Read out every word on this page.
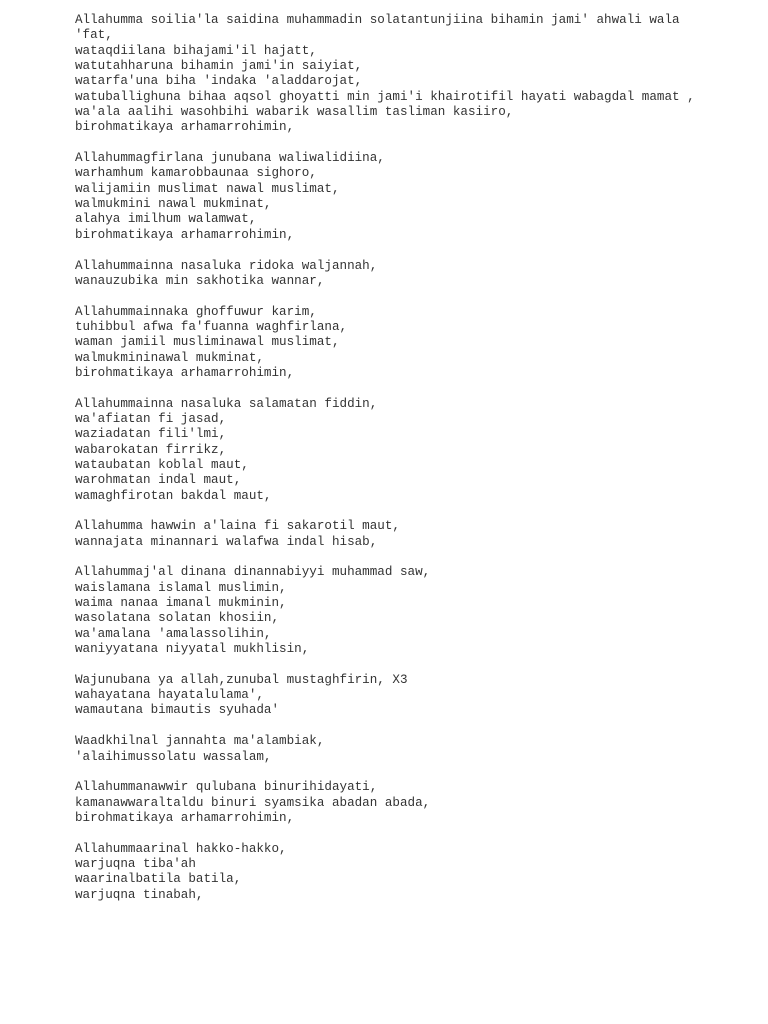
Allahumma soilia'la saidina muhammadin solatantunjiina bihamin jami' ahwali wala 'fat,
wataqdiilana bihajami'il hajatt,
watutahharuna bihamin jami'in saiyiat,
watarfa'una biha 'indaka 'aladdarojat,
watuballighuna bihaa aqsol ghoyatti min jami'i khairotifil hayati wabagdal mamat ,
wa'ala aalihi wasohbihi wabarik wasallim tasliman kasiiro,
birohmatikaya arhamarrohimin,
Allahummagfirlana junubana waliwalidiina,
warhamhum kamarobbaunaa sighoro,
walijamiin muslimat nawal muslimat,
walmukmini nawal mukminat,
alahya imilhum walamwat,
birohmatikaya arhamarrohimin,
Allahummainna nasaluka ridoka waljannah,
wanauzubika min sakhotika wannar,
Allahummainnaka ghoffuwur karim,
tuhibbul afwa fa'fuanna waghfirlana,
waman jamiil musliminawal muslimat,
walmukmininawal mukminat,
birohmatikaya arhamarrohimin,
Allahummainna nasaluka salamatan fiddin,
wa'afiatan fi jasad,
waziadatan fili'lmi,
wabarokatan firrikz,
wataubatan koblal maut,
warohmatan indal maut,
wamaghfirotan bakdal maut,
Allahumma hawwin a'laina fi sakarotil maut,
wannajata minannari walafwa indal hisab,
Allahummaj'al dinana dinannabiyyi muhammad saw,
waislamana islamal muslimin,
waima nanaa imanal mukminin,
wasolatana solatan khosiin,
wa'amalana 'amalassolihin,
waniyyatana niyyatal mukhlisin,
Wajunubana ya allah,zunubal mustaghfirin, X3
wahayatana hayatalulama',
wamautana bimautis syuhada'
Waadkhilnal jannahta ma'alambiak,
'alaihimussolatu wassalam,
Allahummanawwir qulubana binurihidayati,
kamanawwaraltaldu binuri syamsika abadan abada,
birohmatikaya arhamarrohimin,
Allahummaarinal hakko-hakko,
warjuqna tiba'ah
waarinalbatila batila,
warjuqna tinabah,
